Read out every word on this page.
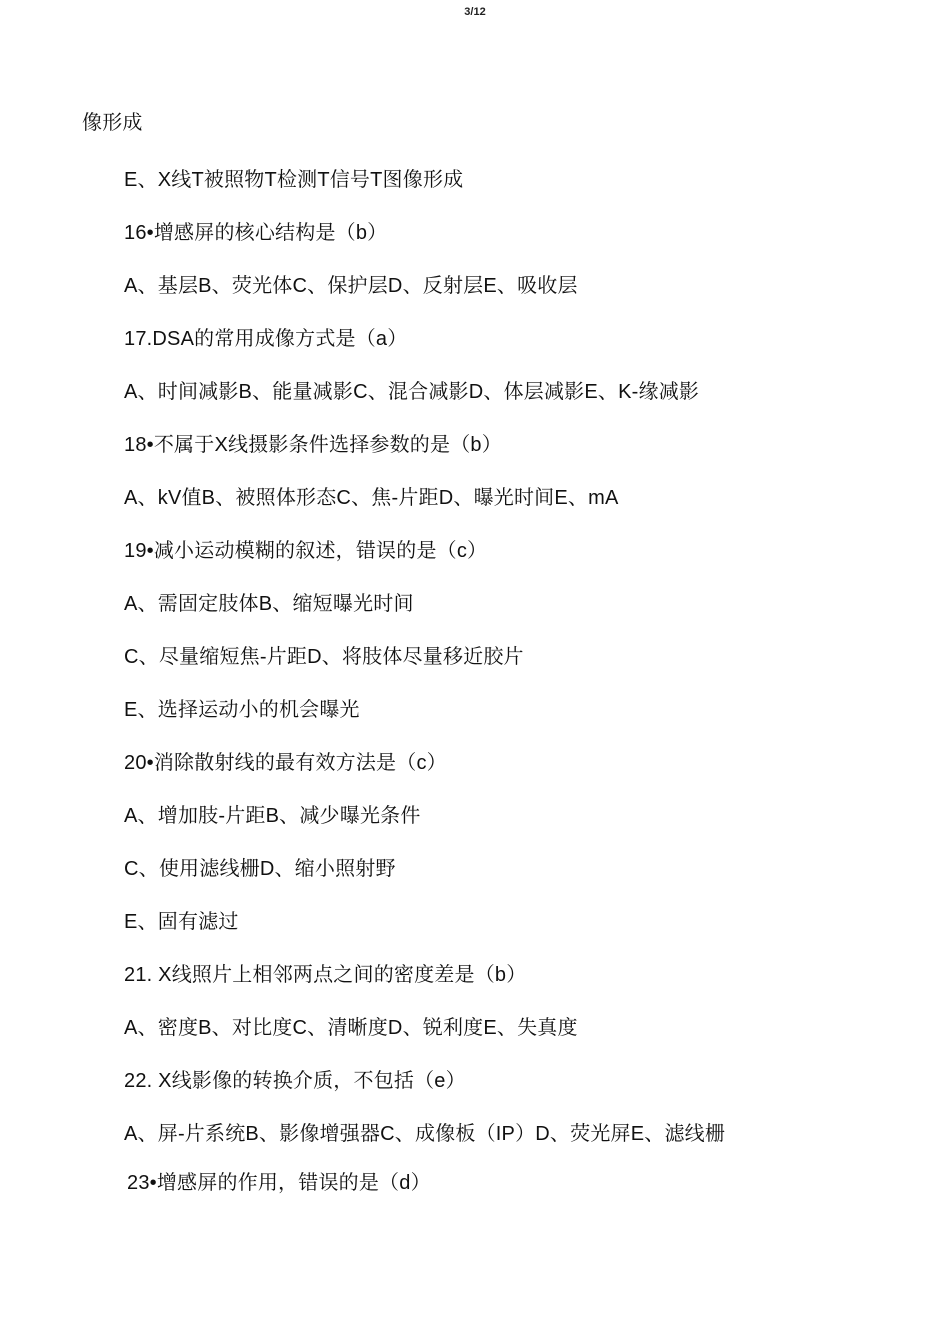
3/12
像形成
E、X线T被照物T检测T信号T图像形成
16•增感屏的核心结构是（b）
A、基层B、荧光体C、保护层D、反射层E、吸收层
17.DSA的常用成像方式是（a）
A、时间减影B、能量减影C、混合减影D、体层减影E、K-缘减影
18•不属于X线摄影条件选择参数的是（b）
A、kV值B、被照体形态C、焦-片距D、曝光时间E、mA
19•减小运动模糊的叙述，错误的是（c）
A、需固定肢体B、缩短曝光时间
C、尽量缩短焦-片距D、将肢体尽量移近胶片
E、选择运动小的机会曝光
20•消除散射线的最有效方法是（c）
A、增加肢-片距B、减少曝光条件
C、使用滤线栅D、缩小照射野
E、固有滤过
21. X线照片上相邻两点之间的密度差是（b）
A、密度B、对比度C、清晰度D、锐利度E、失真度
22. X线影像的转换介质，不包括（e）
A、屏-片系统B、影像增强器C、成像板（IP）D、荧光屏E、滤线栅
23•增感屏的作用，错误的是（d）
